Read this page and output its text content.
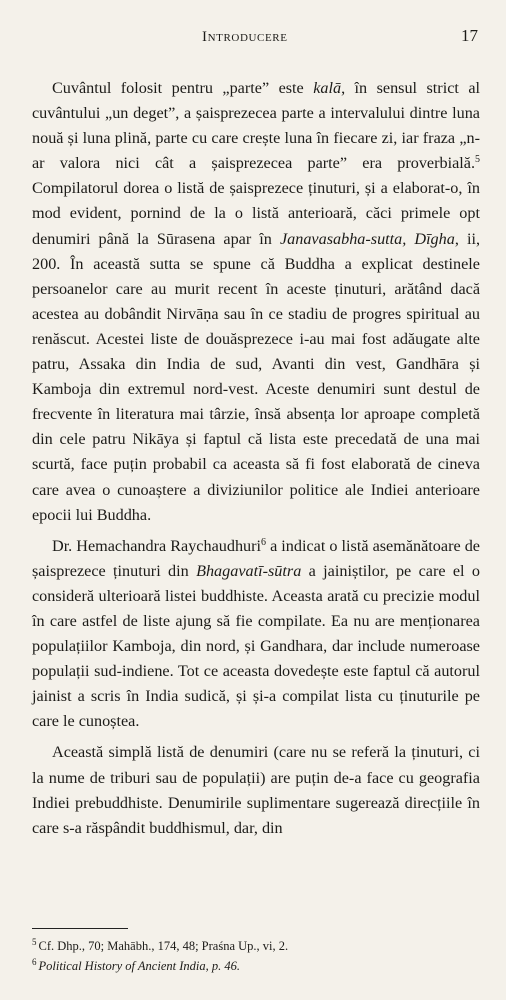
Introducere	17

Cuvântul folosit pentru „parte” este kalā, în sensul strict al cuvântului „un deget”, a șaisprezecea parte a intervalului dintre luna nouă și luna plină, parte cu care crește luna în fiecare zi, iar fraza „n-ar valora nici cât a șaisprezecea parte” era proverbială.$^5$ Compilatorul dorea o listă de șaisprezece ținuturi, și a elaborat-o, în mod evident, pornind de la o listă anterioară, căci primele opt denumiri până la Sūrasena apar în Janavasabha-sutta, Dīgha, ii, 200. În această sutta se spune că Buddha a explicat destinele persoanelor care au murit recent în aceste ținuturi, arătând dacă acestea au dobândit Nirvāṇa sau în ce stadiu de progres spiritual au renăscut. Acestei liste de douăsprezece i-au mai fost adăugate alte patru, Assaka din India de sud, Avanti din vest, Gandhāra și Kamboja din extremul nord-vest. Aceste denumiri sunt destul de frecvente în literatura mai târzie, însă absența lor aproape completă din cele patru Nikāya și faptul că lista este precedată de una mai scurtă, face puțin probabil ca aceasta să fi fost elaborată de cineva care avea o cunoaștere a diviziunilor politice ale Indiei anterioare epocii lui Buddha.

Dr. Hemachandra Raychaudhuri$^6$ a indicat o listă asemănătoare de șaisprezece ținuturi din Bhagavatī-sūtra a jainiștilor, pe care el o consideră ulterioară listei buddhiste. Aceasta arată cu precizie modul în care astfel de liste ajung să fie compilate. Ea nu are menționarea populațiilor Kamboja, din nord, și Gandhara, dar include numeroase populații sud-indiene. Tot ce aceasta dovedește este faptul că autorul jainist a scris în India sudică, și și-a compilat lista cu ținuturile pe care le cunoștea.

Această simplă listă de denumiri (care nu se referă la ținuturi, ci la nume de triburi sau de populații) are puțin de-a face cu geografia Indiei prebuddhiste. Denumirile suplimentare sugerează direcțiile în care s-a răspândit buddhismul, dar, din

$^5$ Cf. Dhp., 70; Mahābh., 174, 48; Praśna Up., vi, 2.
$^6$ Political History of Ancient India, p. 46.
